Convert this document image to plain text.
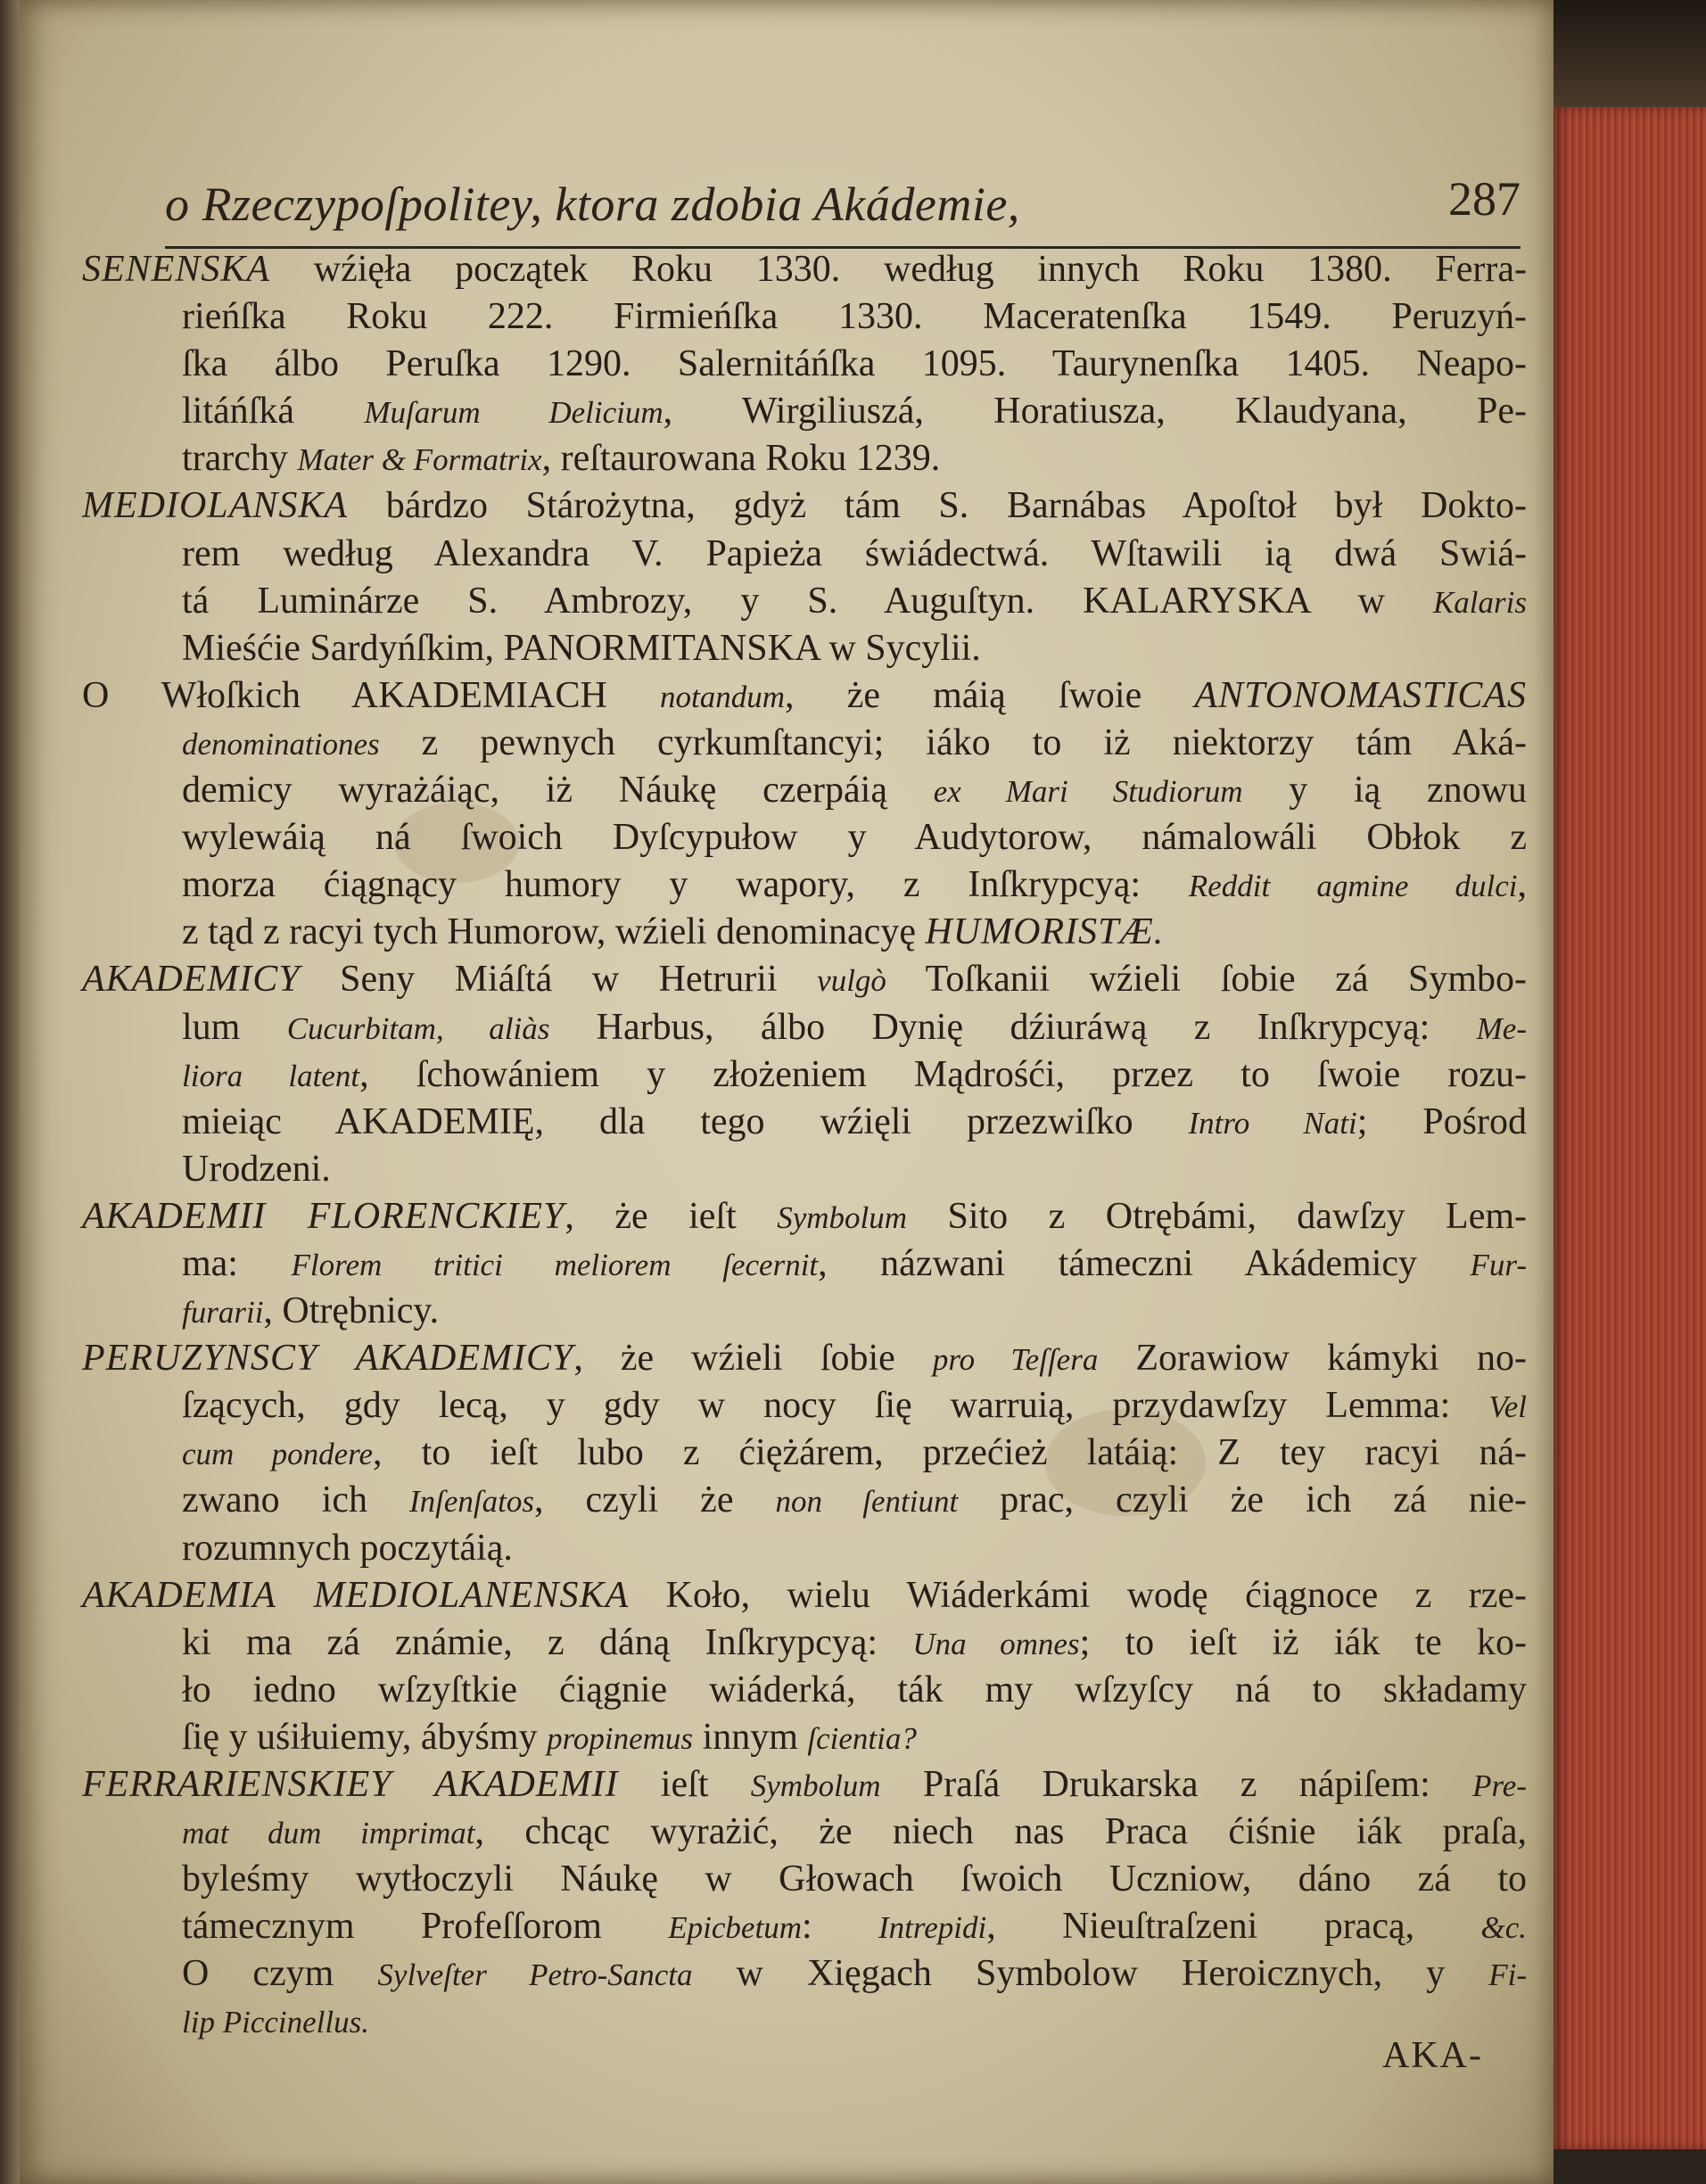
o Rzeczypoſpolitey, ktora zdobia Akádemie,	287
SENENSKA wźięła początek Roku 1330. według innych Roku 1380. Ferra-
rieńſka Roku 222. Firmieńſka 1330. Maceratenſka 1549. Peruzyń-
ſka álbo Peruſka 1290. Salernitáńſka 1095. Taurynenſka 1405. Neapo-
litáńſká Muſarum Delicium, Wirgiliuszá, Horatiusza, Klaudyana, Pe-
trarchy Mater & Formatrix, reſtaurowana Roku 1239.
MEDIOLANSKA bárdzo Stárożytna, gdyż tám S. Barnábas Apoſtoł był Dokto-
rem według Alexandra V. Papieża świádectwá. Wſtawili ią dwá Swiá-
tá Luminárze S. Ambrozy, y S. Auguſtyn. KALARYSKA w Kalaris
Mieśćie Sardyńſkim, PANORMITANSKA w Sycylii.
O Włoſkich AKADEMIACH notandum, że máią ſwoie ANTONOMASTICAS
denominationes z pewnych cyrkumſtancyi; iáko to iż niektorzy tám Aká-
demicy wyrażáiąc, iż Náukę czerpáią ex Mari Studiorum y ią znowu
wylewáią ná ſwoich Dyſcypułow y Audytorow, námalowáli Obłok z
morza ćiągnący humory y wapory, z Inſkrypcyą: Reddit agmine dulci,
z tąd z racyi tych Humorow, wźieli denominacyę HUMORISTÆ.
AKADEMICY Seny Miáſtá w Hetrurii vulgò Toſkanii wźieli ſobie zá Symbo-
lum Cucurbitam, aliàs Harbus, álbo Dynię dźiuráwą z Inſkrypcyą: Me-
liora latent, ſchowániem y złożeniem Mądrośći, przez to ſwoie rozu-
mieiąc AKADEMIĘ, dla tego wźięli przezwiſko Intro Nati; Pośrod
Urodzeni.
AKADEMII FLORENCKIEY, że ieſt Symbolum Sito z Otrębámi, dawſzy Lem-
ma: Florem tritici meliorem ſecernit, názwani támeczni Akádemicy Fur-
furarii, Otrębnicy.
PERUZYNSCY AKADEMICY, że wźieli ſobie pro Teſſera Zorawiow kámyki no-
ſzących, gdy lecą, y gdy w nocy ſię warruią, przydawſzy Lemma: Vel
cum pondere, to ieſt lubo z ćiężárem, przećież latáią: Z tey racyi ná-
zwano ich Inſenſatos, czyli że non ſentiunt prac, czyli że ich zá nie-
rozumnych poczytáią.
AKADEMIA MEDIOLANENSKA Koło, wielu Wiáderkámi wodę ćiągnoce z rze-
ki ma zá známie, z dáną Inſkrypcyą: Una omnes; to ieſt iż iák te ko-
ło iedno wſzyſtkie ćiągnie wiáderká, ták my wſzyſcy ná to składamy
ſię y uśiłuiemy, ábyśmy propinemus innym ſcientia?
FERRARIENSKIEY AKADEMII ieſt Symbolum Praſá Drukarska z nápiſem: Pre-
mat dum imprimat, chcąc wyrażić, że niech nas Praca ćiśnie iák praſa,
byleśmy wytłoczyli Náukę w Głowach ſwoich Uczniow, dáno zá to
támecznym Profeſſorom Epicbetum: Intrepidi, Nieuſtraſzeni pracą, &c.
O czym Sylveſter Petro-Sancta w Xięgach Symbolow Heroicznych, y Fi-
lip Piccinellus.
AKA-
